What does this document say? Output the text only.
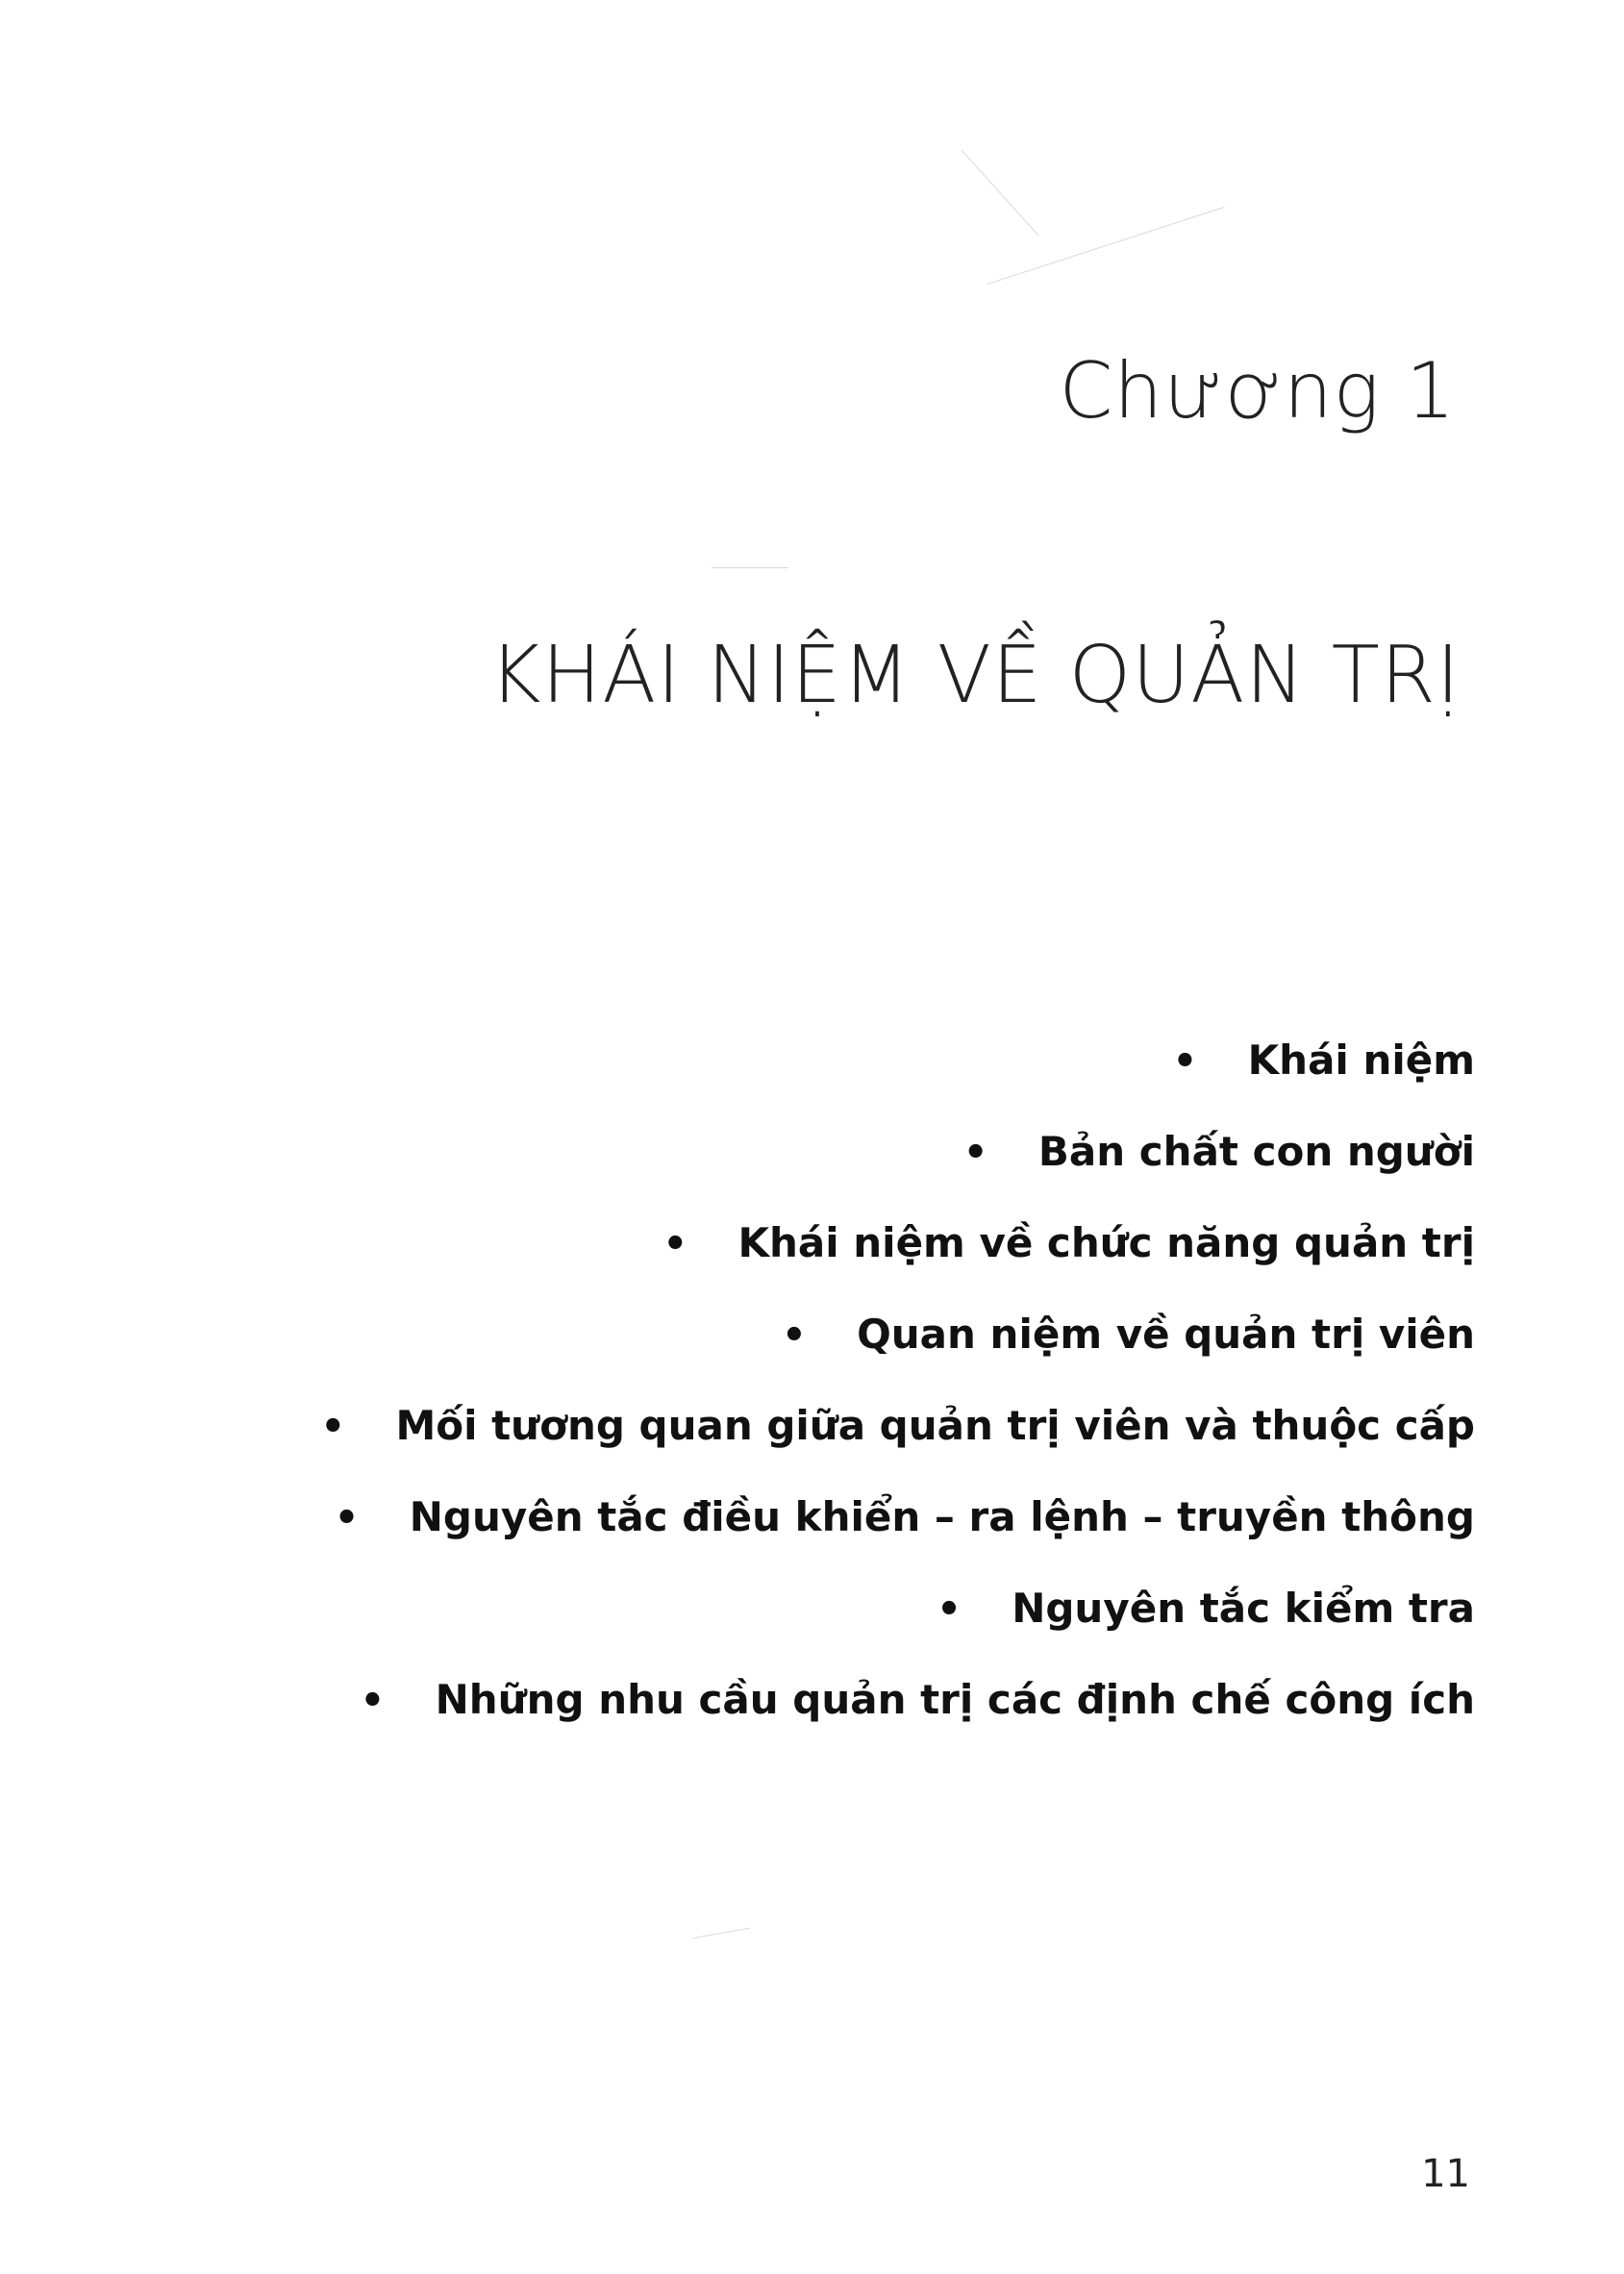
Chương 1
KHÁI NIỆM VỀ QUẢN TRỊ
• Khái niệm
• Bản chất con người
• Khái niệm về chức năng quản trị
• Quan niệm về quản trị viên
• Mối tương quan giữa quản trị viên và thuộc cấp
• Nguyên tắc điều khiển – ra lệnh – truyền thông
• Nguyên tắc kiểm tra
• Những nhu cầu quản trị các định chế công ích
11
